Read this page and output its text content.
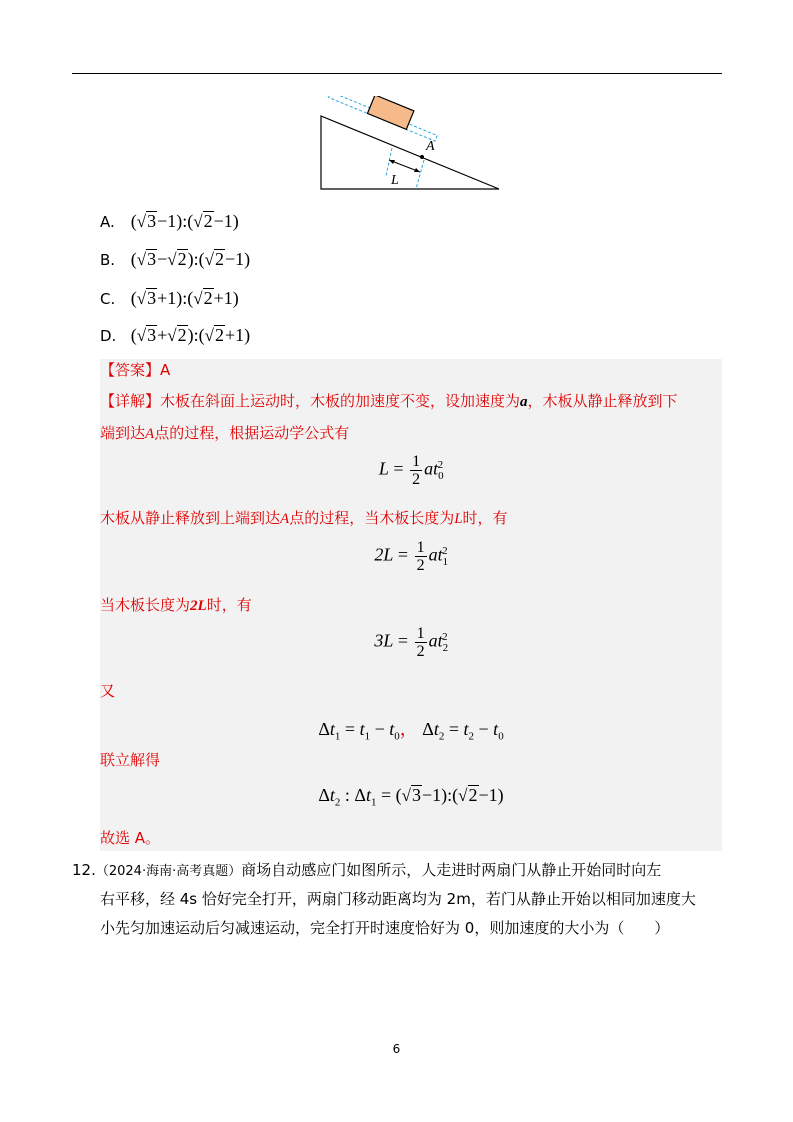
A
L
A. (√3−1):(√2−1)
B. (√3−√2):(√2−1)
C. (√3+1):(√2+1)
D. (√3+√2):(√2+1)
【答案】A
【详解】木板在斜面上运动时，木板的加速度不变，设加速度为a，木板从静止释放到下
端到达A点的过程，根据运动学公式有
$L = \frac{1}{2} at_0^2$
木板从静止释放到上端到达A点的过程，当木板长度为L时，有
$2L = \frac{1}{2} at_1^2$
当木板长度为2L时，有
$3L = \frac{1}{2} at_2^2$
又
$\Delta t_1 = t_1 - t_0$， $\Delta t_2 = t_2 - t_0$
联立解得
$\Delta t_2$ : $\Delta t_1$ = (√3−1):(√2−1)
故选 A。
12.（2024·海南·高考真题）商场自动感应门如图所示，人走进时两扇门从静止开始同时向左
右平移，经 4s 恰好完全打开，两扇门移动距离均为 2m，若门从静止开始以相同加速度大
小先匀加速运动后匀减速运动，完全打开时速度恰好为 0，则加速度的大小为（　　）
6
